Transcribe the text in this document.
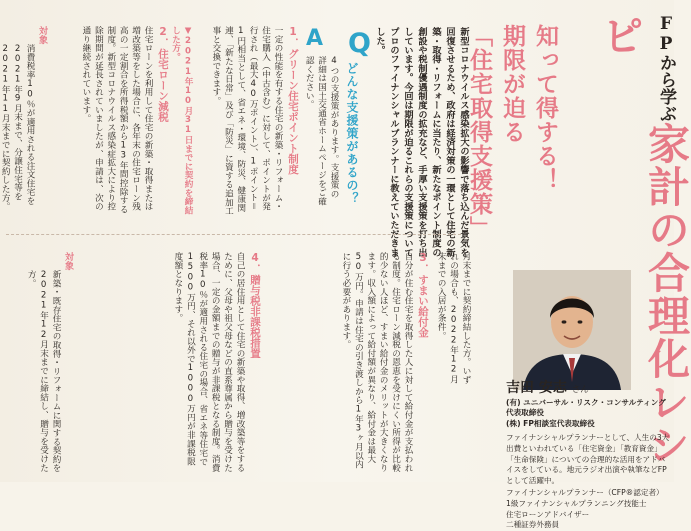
FPから学ぶ家計の合理化レシピ
知って得する！
期限が迫る
「住宅取得支援策」
新型コロナウイルス感染拡大の影響で落ち込んだ景気を回復させるため、政府は経済対策の一環として住宅の新築・取得・リフォームに当たり、新たなポイント制度の創設や税制優遇制度の拡充など、手厚い支援策を打ち出しています。今回は期限が迫るこれらの支援策についてプロのファイナンシャルプランナーに教えていただきました。
Q
どんな支援策があるの？
A
4つの支援策があります。支援策の詳細は国土交通省ホームページをご確認ください。
1．グリーン住宅ポイント制度
一定の性能を有する住宅の新築・リフォーム・住宅購入（中古含む）に対して、ポイントが発行され（最大40万ポイント）、1ポイント＝1円相当として、省エネ・環境、防災、健康関連、「新たな日常」及び「防災」に資する追加工事と交換できます。
▼2021年10月31日までに契約を締結した方。
2．住宅ローン減税
住宅ローンを利用して住宅の新築・取得または増改築等をした場合に、各年末の住宅ローン残高の一定割合を所得税額から13年間控除する制度。新型コロナウイルス感染症拡大により控除期間が延長されていましたが、申請は、次の通り継続されています。
対象
消費税率10％が適用される注文住宅を2021年9月末まで、分譲住宅等を2021年11月末までに契約した方。
月末までに契約締結した方。いずれの場合も、2022年12月末までの入居が条件。
3．すまい給付金
自分が住む住宅を取得した人に対して給付金が支払われる制度。住宅ローン減税の恩恵を受けにくい所得が比較的少ない人ほど、すまい給付金のメリットが大きくなります。収入額によって給付額が異なり、給付金は最大50万円。申請は住宅の引き渡しから1年3ヶ月以内に行う必要があります。
4．贈与税非課税措置
自己の居住用として住宅の新築や取得、増改築等をするために、父母や祖父母などの直系尊属から贈与を受けた場合、一定の金額までの贈与が非課税となる制度。消費税率10％が適用される住宅の場合、省エネ等住宅で1500万円、それ以外で1000万円が非課税限度額となります。
対象
新築・既存住宅の取得・リフォームに関する契約を2021年12月末までに締結し、贈与を受けた方。
吉田 安志 さん
(有) ユニバーサル・リスク・コンサルティング代表取締役
(株) FP相談室代表取締役
ファイナンシャルプランナーとして、人生の3大出費といわれている「住宅資金」「教育資金」「生命保険」についての合理的な活用をアドバイスをしている。地元ラジオ出演や執筆などFPとして活躍中。
ファイナンシャルプランナー（CFP®認定者）
1級ファイナンシャルプランニング技能士
住宅ローンアドバイザー
二種証券外務員
